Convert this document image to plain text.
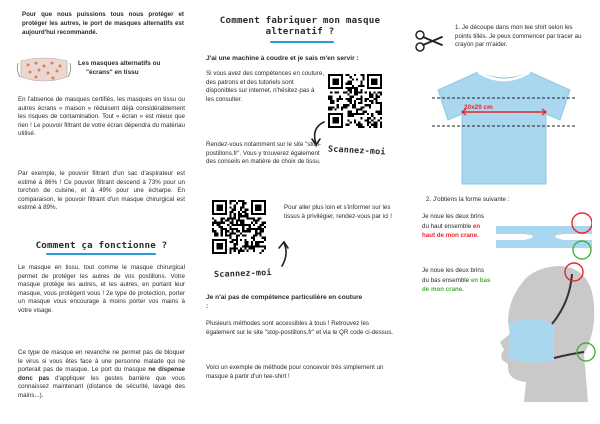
Pour que nous puissions tous nous protéger et protéger les autres, le port de masques alternatifs est aujourd'hui recommandé.
Les masques alternatifs ou
"écrans" en tissu
En l'absence de masques certifiés, les masques en tissu ou autres écrans « maison » réduisent déjà considérablement les risques de contamination. Tout « écran » est mieux que rien ! Le pouvoir filtrant de votre écran dépendra du matériau utilisé.
Par exemple, le pouvoir filtrant d'un sac d'aspirateur est estimé à 86% ! Ce pouvoir filtrant descend à 73% pour un torchon de cuisine, et à 49% pour une écharpe. En comparaison, le pouvoir filtrant d'un masque chirurgical est estimé à 89%.
Comment ça fonctionne ?
Le masque en tissu, tout comme le masque chirurgical permet de protéger les autres de vos postillons. Votre masque protège les autres, et les autres, en portant leur masque, vous protègent vous ! 2e type de protection, porter un masque vous encourage à moins porter vos mains à votre visage.
Ce type de masque en revanche ne permet pas de bloquer le virus si vous êtes face à une personne malade qui ne porterait pas de masque. Le port du masque ne dispense donc pas d'appliquer les gestes barrière que vous connaissez maintenant (distance de sécurité, lavage des mains...).
Comment fabriquer mon masque
alternatif ?
J'ai une machine à coudre et je sais m'en servir :
Si vous avez des compétences en couture, des patrons et des tutoriels sont disponibles sur internet, n'hésitez-pas à les consulter.
Rendez-vous notamment sur le site "stop-postillons.fr". Vous y trouverez également des conseils en matière de choix de tissu.
Scannez-moi
Pour aller plus loin et s'informer sur les tissus à privilégier, rendez-vous par ici !
Scannez-moi
Je n'ai pas de compétence particulière en couture :
Plusieurs méthodes sont accessibles à tous ! Retrouvez les également sur le site "stop-postillons.fr" et via le QR code ci-dessus.
Voici un exemple de méthode pour concevoir très simplement un masque à partir d'un tee-shirt !
1. Je découpe dans mon tee shirt selon les points tillés. Je peux commencer par tracer au crayon par m'aider.
20x20 cm
2. J'obtiens la forme suivante :
Je noue les deux brins du haut ensemble en haut de mon crane.
Je noue les deux brins du bas ensemble en bas de mon crane.
